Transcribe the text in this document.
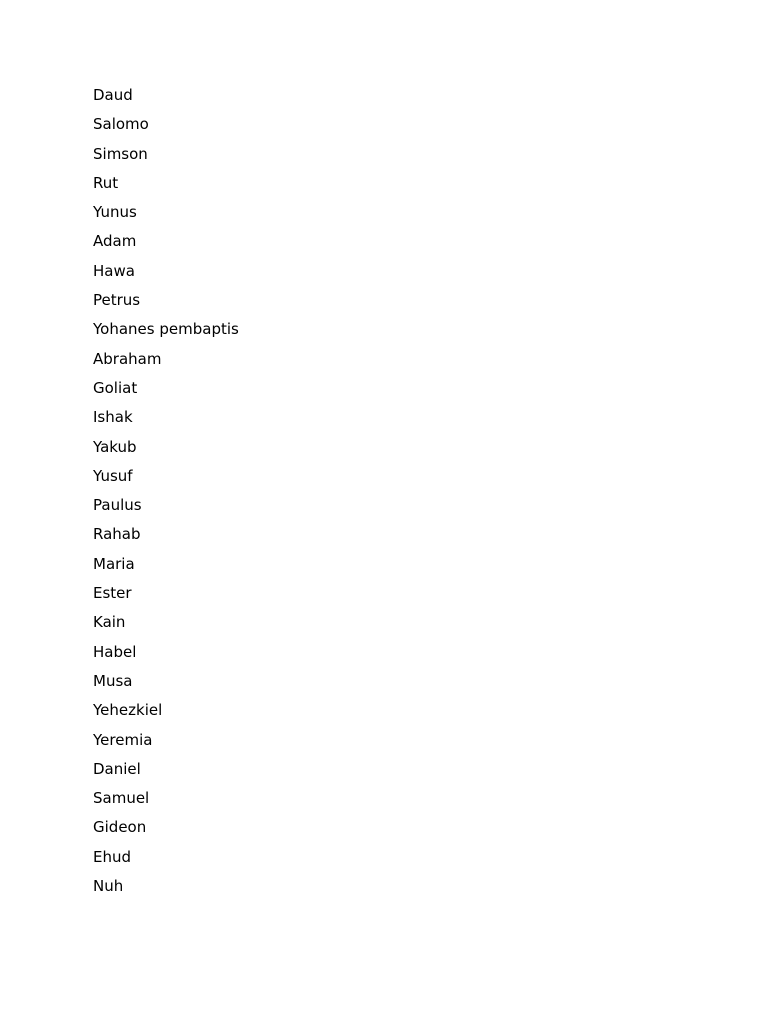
Daud
Salomo
Simson
Rut
Yunus
Adam
Hawa
Petrus
Yohanes pembaptis
Abraham
Goliat
Ishak
Yakub
Yusuf
Paulus
Rahab
Maria
Ester
Kain
Habel
Musa
Yehezkiel
Yeremia
Daniel
Samuel
Gideon
Ehud
Nuh
